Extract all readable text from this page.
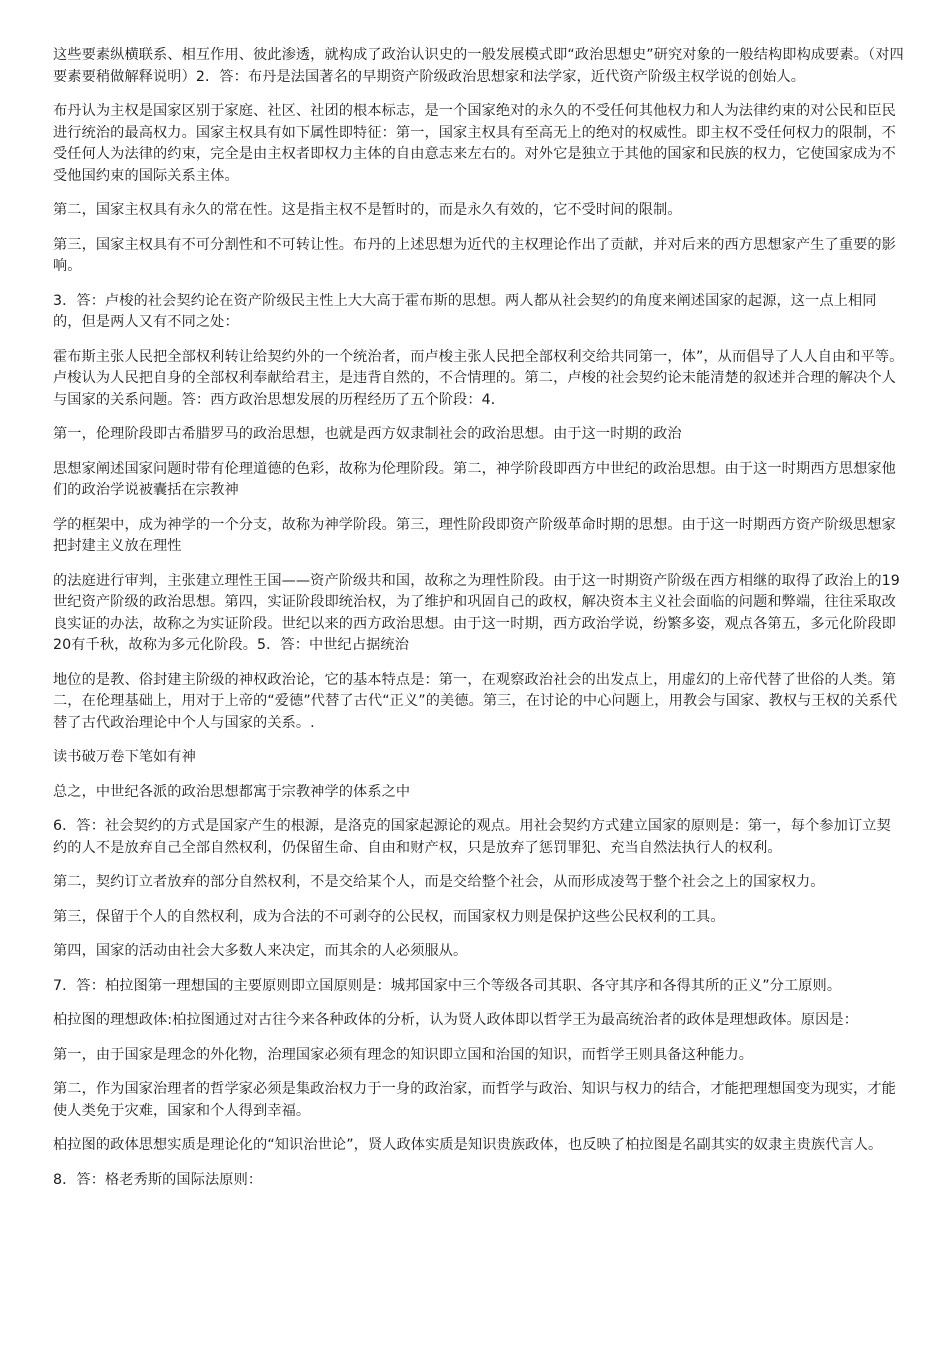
这些要素纵横联系、相互作用、彼此渗透，就构成了政治认识史的一般发展模式即“政治思想史”研究对象的一般结构即构成要素。（对四要素要稍做解释说明）2．答：布丹是法国著名的早期资产阶级政治思想家和法学家，近代资产阶级主权学说的创始人。

布丹认为主权是国家区别于家庭、社区、社团的根本标志，是一个国家绝对的永久的不受任何其他权力和人为法律约束的对公民和臣民进行统治的最高权力。国家主权具有如下属性即特征：第一，国家主权具有至高无上的绝对的权威性。即主权不受任何权力的限制，不受任何人为法律的约束，完全是由主权者即权力主体的自由意志来左右的。对外它是独立于其他的国家和民族的权力，它使国家成为不受他国约束的国际关系主体。

第二，国家主权具有永久的常在性。这是指主权不是暂时的，而是永久有效的，它不受时间的限制。

第三，国家主权具有不可分割性和不可转让性。布丹的上述思想为近代的主权理论作出了贡献，并对后来的西方思想家产生了重要的影响。

3．答：卢梭的社会契约论在资产阶级民主性上大大高于霍布斯的思想。两人都从社会契约的角度来阐述国家的起源，这一点上相同的，但是两人又有不同之处：

霍布斯主张人民把全部权利转让给契约外的一个统治者，而卢梭主张人民把全部权利交给共同第一，体”，从而倡导了人人自由和平等。卢梭认为人民把自身的全部权利奉献给君主，是违背自然的，不合情理的。第二，卢梭的社会契约论未能清楚的叙述并合理的解决个人与国家的关系问题。答：西方政治思想发展的历程经历了五个阶段：4．

第一，伦理阶段即古希腊罗马的政治思想，也就是西方奴隶制社会的政治思想。由于这一时期的政治

思想家阐述国家问题时带有伦理道德的色彩，故称为伦理阶段。第二，神学阶段即西方中世纪的政治思想。由于这一时期西方思想家他们的政治学说被囊括在宗教神

学的框架中，成为神学的一个分支，故称为神学阶段。第三，理性阶段即资产阶级革命时期的思想。由于这一时期西方资产阶级思想家把封建主义放在理性

的法庭进行审判，主张建立理性王国——资产阶级共和国，故称之为理性阶段。由于这一时期资产阶级在西方相继的取得了政治上的19世纪资产阶级的政治思想。第四，实证阶段即统治权，为了维护和巩固自己的政权，解决资本主义社会面临的问题和弊端，往往采取改良实证的办法，故称之为实证阶段。世纪以来的西方政治思想。由于这一时期，西方政治学说，纷繁多姿，观点各第五，多元化阶段即20有千秋，故称为多元化阶段。5．答：中世纪占据统治

地位的是教、俗封建主阶级的神权政治论，它的基本特点是：第一，在观察政治社会的出发点上，用虚幻的上帝代替了世俗的人类。第二，在伦理基础上，用对于上帝的“爱德”代替了古代“正义”的美德。第三，在讨论的中心问题上，用教会与国家、教权与王权的关系代替了古代政治理论中个人与国家的关系。.

读书破万卷下笔如有神

总之，中世纪各派的政治思想都寓于宗教神学的体系之中

6．答：社会契约的方式是国家产生的根源，是洛克的国家起源论的观点。用社会契约方式建立国家的原则是：第一，每个参加订立契约的人不是放弃自己全部自然权利，仍保留生命、自由和财产权，只是放弃了惩罚罪犯、充当自然法执行人的权利。

第二，契约订立者放弃的部分自然权利，不是交给某个人，而是交给整个社会，从而形成凌驾于整个社会之上的国家权力。

第三，保留于个人的自然权利，成为合法的不可剥夺的公民权，而国家权力则是保护这些公民权利的工具。

第四，国家的活动由社会大多数人来决定，而其余的人必须服从。

7．答：柏拉图第一理想国的主要原则即立国原则是：城邦国家中三个等级各司其职、各守其序和各得其所的正义”分工原则。

柏拉图的理想政体:柏拉图通过对古往今来各种政体的分析，认为贤人政体即以哲学王为最高统治者的政体是理想政体。原因是：

第一，由于国家是理念的外化物，治理国家必须有理念的知识即立国和治国的知识，而哲学王则具备这种能力。

第二，作为国家治理者的哲学家必须是集政治权力于一身的政治家，而哲学与政治、知识与权力的结合，才能把理想国变为现实，才能使人类免于灾难，国家和个人得到幸福。

柏拉图的政体思想实质是理论化的“知识治世论”，贤人政体实质是知识贵族政体，也反映了柏拉图是名副其实的奴隶主贵族代言人。

8．答：格老秀斯的国际法原则：
